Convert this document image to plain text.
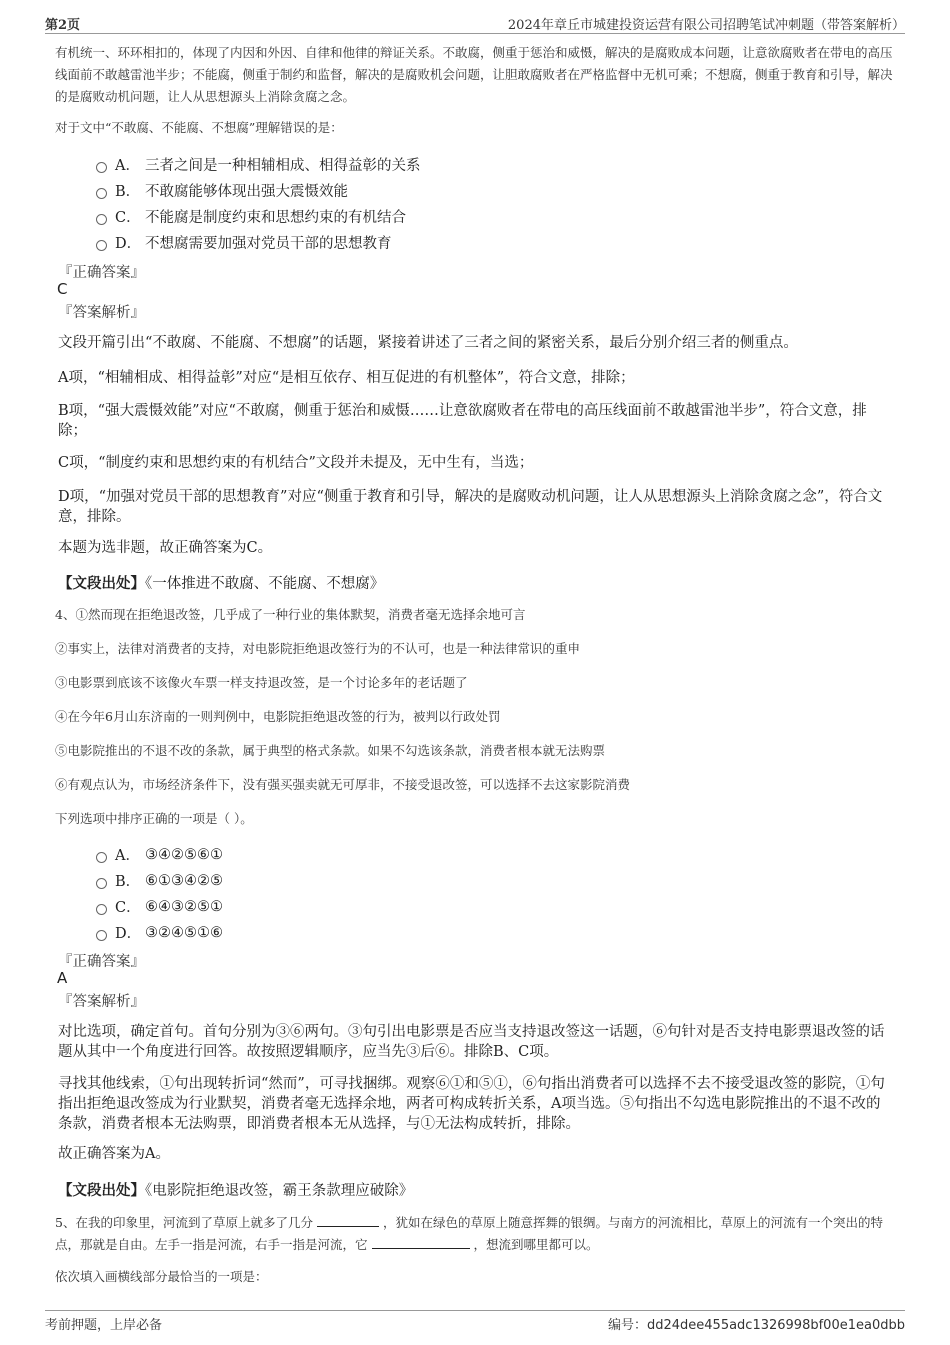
第2页	2024年章丘市城建投资运营有限公司招聘笔试冲刺题（带答案解析）
有机统一、环环相扣的，体现了内因和外因、自律和他律的辩证关系。不敢腐，侧重于惩治和威慑，解决的是腐败成本问题，让意欲腐败者在带电的高压线面前不敢越雷池半步；不能腐，侧重于制约和监督，解决的是腐败机会问题，让胆敢腐败者在严格监督中无机可乘；不想腐，侧重于教育和引导，解决的是腐败动机问题，让人从思想源头上消除贪腐之念。
对于文中“不敢腐、不能腐、不想腐”理解错误的是：
A． 三者之间是一种相辅相成、相得益彰的关系
B． 不敢腐能够体现出强大震慑效能
C． 不能腐是制度约束和思想约束的有机结合
D． 不想腐需要加强对党员干部的思想教育
『正确答案』
C
『答案解析』
文段开篇引出“不敢腐、不能腐、不想腐”的话题，紧接着讲述了三者之间的紧密关系，最后分别介绍三者的侧重点。
A项，“相辅相成、相得益彰”对应“是相互依存、相互促进的有机整体”，符合文意，排除；
B项，“强大震慑效能”对应“不敢腐，侧重于惩治和威慑……让意欲腐败者在带电的高压线面前不敢越雷池半步”，符合文意，排除；
C项，“制度约束和思想约束的有机结合”文段并未提及，无中生有，当选；
D项，“加强对党员干部的思想教育”对应“侧重于教育和引导，解决的是腐败动机问题，让人从思想源头上消除贪腐之念”，符合文意，排除。
本题为选非题，故正确答案为C。
【文段出处】《一体推进不敢腐、不能腐、不想腐》
4、①然而现在拒绝退改签，几乎成了一种行业的集体默契，消费者毫无选择余地可言
②事实上，法律对消费者的支持，对电影院拒绝退改签行为的不认可，也是一种法律常识的重申
③电影票到底该不该像火车票一样支持退改签，是一个讨论多年的老话题了
④在今年6月山东济南的一则判例中，电影院拒绝退改签的行为，被判以行政处罚
⑤电影院推出的不退不改的条款，属于典型的格式条款。如果不勾选该条款，消费者根本就无法购票
⑥有观点认为，市场经济条件下，没有强买强卖就无可厚非，不接受退改签，可以选择不去这家影院消费
下列选项中排序正确的一项是（ ）。
A． ③④②⑤⑥①
B． ⑥①③④②⑤
C． ⑥④③②⑤①
D． ③②④⑤①⑥
『正确答案』
A
『答案解析』
对比选项，确定首句。首句分别为③⑥两句。③句引出电影票是否应当支持退改签这一话题，⑥句针对是否支持电影票退改签的话题从其中一个角度进行回答。故按照逻辑顺序，应当先③后⑥。排除B、C项。
寻找其他线索，①句出现转折词“然而”，可寻找捆绑。观察⑥①和⑤①，⑥句指出消费者可以选择不去不接受退改签的影院，①句指出拒绝退改签成为行业默契，消费者毫无选择余地，两者可构成转折关系，A项当选。⑤句指出不勾选电影院推出的不退不改的条款，消费者根本无法购票，即消费者根本无从选择，与①无法构成转折，排除。
故正确答案为A。
【文段出处】《电影院拒绝退改签，霸王条款理应破除》
5、在我的印象里，河流到了草原上就多了几分	，犹如在绿色的草原上随意挥舞的银绸。与南方的河流相比，草原上的河流有一个突出的特点，那就是自由。左手一指是河流，右手一指是河流，它	，想流到哪里都可以。
依次填入画横线部分最恰当的一项是：
考前押题，上岸必备	编号：dd24dee455adc1326998bf00e1ea0dbb
